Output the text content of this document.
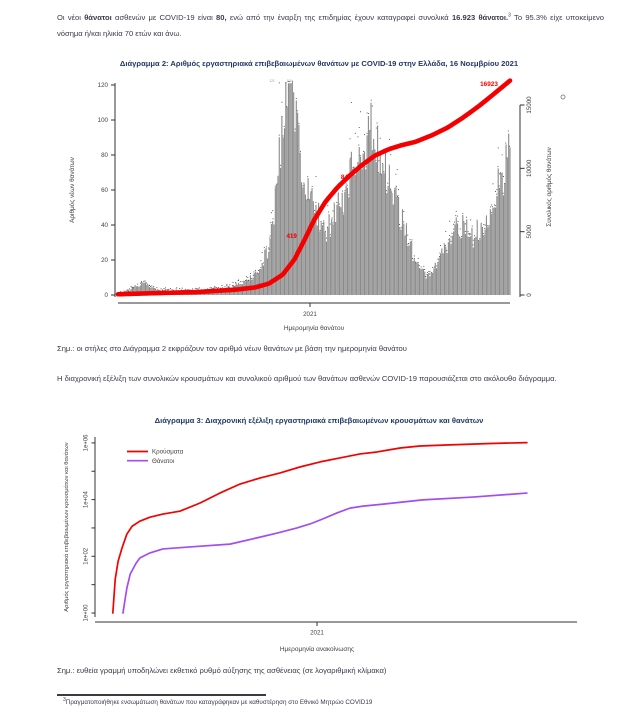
Οι νέοι θάνατοι ασθενών με COVID-19 είναι 80, ενώ από την έναρξη της επιδημίας έχουν καταγραφεί συνολικά 16.923 θάνατοι.$^3$ Το 95.3% είχε υποκείμενο νόσημα ή/και ηλικία 70 ετών και άνω.

Διάγραμμα 2: Αριθμός εργαστηριακά επιβεβαιωμένων θανάτων με COVID-19 στην Ελλάδα, 16 Νοεμβρίου 2021
0
20
40
60
80
100
120
Αριθμός νέων θανάτων
0
5000
10000
15000
Συνολικός αριθμός θανάτων
2021
Ημερομηνία θανάτου
121	118
419
84
16923
Σημ.: οι στήλες στο Διάγραμμα 2 εκφράζουν τον αριθμό νέων θανάτων με βάση την ημερομηνία θανάτου

Η διαχρονική εξέλιξη των συνολικών κρουσμάτων και συνολικού αριθμού των θανάτων ασθενών COVID-19 παρουσιάζεται στο ακόλουθο διάγραμμα.

Διάγραμμα 3: Διαχρονική εξέλιξη εργαστηριακά επιβεβαιωμένων κρουσμάτων και θανάτων
1e+00
1e+02
1e+04
1e+06
Αριθμός εργαστηριακά επιβεβαιωμένων κρουσμάτων και θανάτων
2021
Ημερομηνία ανακοίνωσης
Κρούσματα
Θάνατοι
Σημ.: ευθεία γραμμή υποδηλώνει εκθετικό ρυθμό αύξησης της ασθένειας (σε λογαριθμική κλίμακα)
$^3$Πραγματοποιήθηκε ενσωμάτωση θανάτων που καταγράφηκαν με καθυστέρηση στο Εθνικό Μητρώο COVID19
